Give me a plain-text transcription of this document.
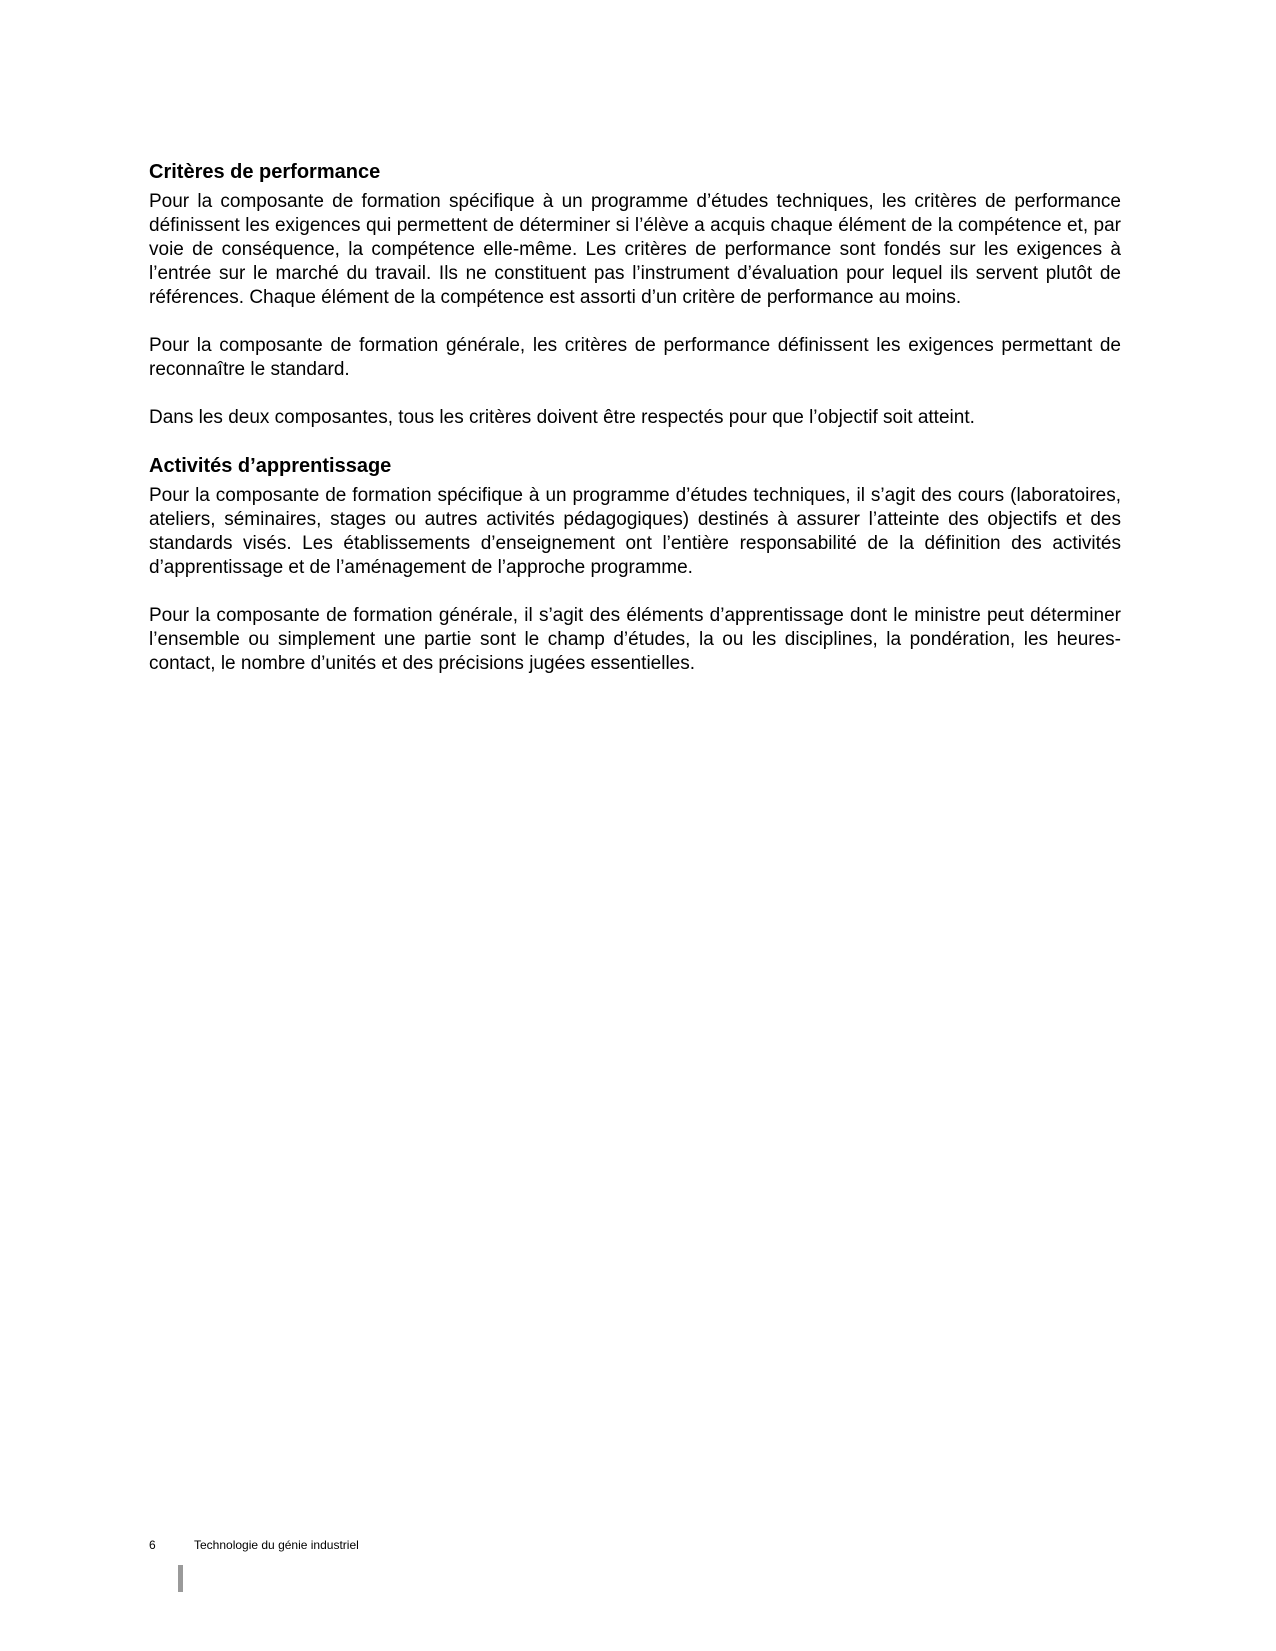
Critères de performance

Pour la composante de formation spécifique à un programme d’études techniques, les critères de performance définissent les exigences qui permettent de déterminer si l’élève a acquis chaque élément de la compétence et, par voie de conséquence, la compétence elle-même. Les critères de performance sont fondés sur les exigences à l’entrée sur le marché du travail. Ils ne constituent pas l’instrument d’évaluation pour lequel ils servent plutôt de références. Chaque élément de la compétence est assorti d’un critère de performance au moins.

Pour la composante de formation générale, les critères de performance définissent les exigences permettant de reconnaître le standard.

Dans les deux composantes, tous les critères doivent être respectés pour que l’objectif soit atteint.

Activités d’apprentissage

Pour la composante de formation spécifique à un programme d’études techniques, il s’agit des cours (laboratoires, ateliers, séminaires, stages ou autres activités pédagogiques) destinés à assurer l’atteinte des objectifs et des standards visés. Les établissements d’enseignement ont l’entière responsabilité de la définition des activités d’apprentissage et de l’aménagement de l’approche programme.

Pour la composante de formation générale, il s’agit des éléments d’apprentissage dont le ministre peut déterminer l’ensemble ou simplement une partie sont le champ d’études, la ou les disciplines, la pondération, les heures-contact, le nombre d’unités et des précisions jugées essentielles.

6	Technologie du génie industriel
